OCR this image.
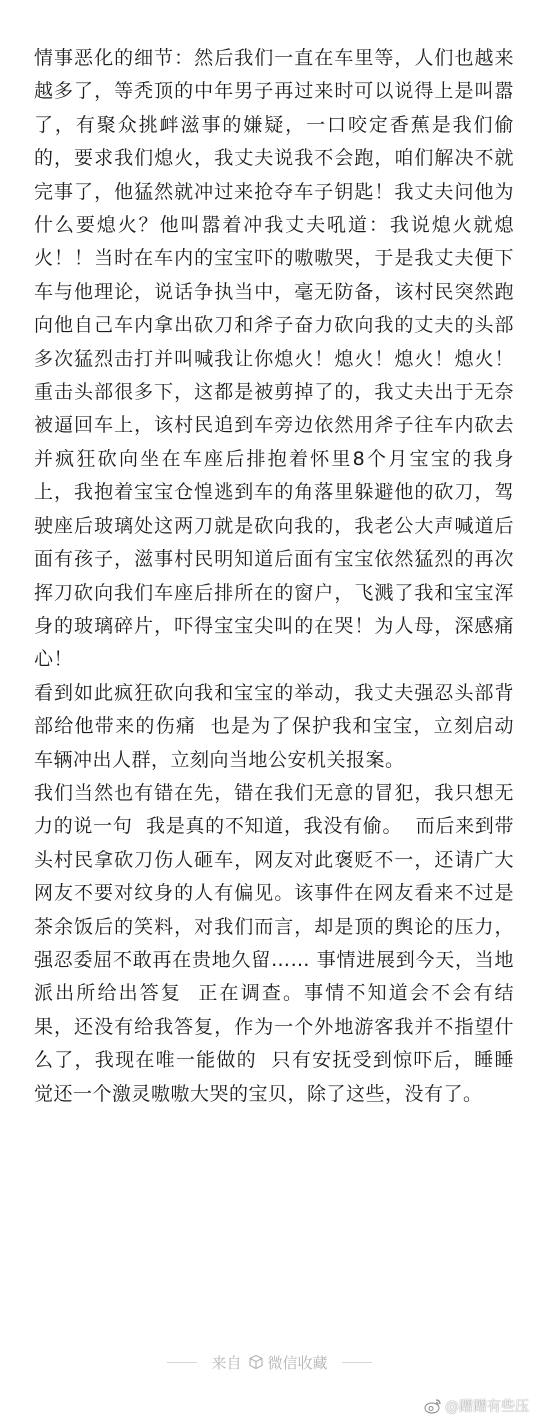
情事恶化的细节：然后我们一直在车里等，人们也越来越多了，等秃顶的中年男子再过来时可以说得上是叫嚣了，有聚众挑衅滋事的嫌疑，一口咬定香蕉是我们偷的，要求我们熄火，我丈夫说我不会跑，咱们解决不就完事了，他猛然就冲过来抢夺车子钥匙！我丈夫问他为什么要熄火？他叫嚣着冲我丈夫吼道：我说熄火就熄火！！当时在车内的宝宝吓的嗷嗷哭，于是我丈夫便下车与他理论，说话争执当中，毫无防备，该村民突然跑向他自己车内拿出砍刀和斧子奋力砍向我的丈夫的头部多次猛烈击打并叫喊我让你熄火！熄火！熄火！熄火！重击头部很多下，这都是被剪掉了的，我丈夫出于无奈被逼回车上，该村民追到车旁边依然用斧子往车内砍去并疯狂砍向坐在车座后排抱着怀里8个月宝宝的我身上，我抱着宝宝仓惶逃到车的角落里躲避他的砍刀，驾驶座后玻璃处这两刀就是砍向我的，我老公大声喊道后面有孩子，滋事村民明知道后面有宝宝依然猛烈的再次挥刀砍向我们车座后排所在的窗户，飞溅了我和宝宝浑身的玻璃碎片，吓得宝宝尖叫的在哭！为人母，深感痛心！

看到如此疯狂砍向我和宝宝的举动，我丈夫强忍头部背部给他带来的伤痛  也是为了保护我和宝宝，立刻启动车辆冲出人群，立刻向当地公安机关报案。

我们当然也有错在先，错在我们无意的冒犯，我只想无力的说一句  我是真的不知道，我没有偷。  而后来到带头村民拿砍刀伤人砸车，网友对此褒贬不一，还请广大网友不要对纹身的人有偏见。该事件在网友看来不过是茶余饭后的笑料，对我们而言，却是顶的舆论的压力，强忍委屈不敢再在贵地久留…… 事情进展到今天，当地派出所给出答复  正在调查。事情不知道会不会有结果，还没有给我答复，作为一个外地游客我并不指望什么了，我现在唯一能做的  只有安抚受到惊吓后，睡睡觉还一个激灵嗷嗷大哭的宝贝，除了这些，没有了。

来自 微信收藏
@蹭蹭有些压
